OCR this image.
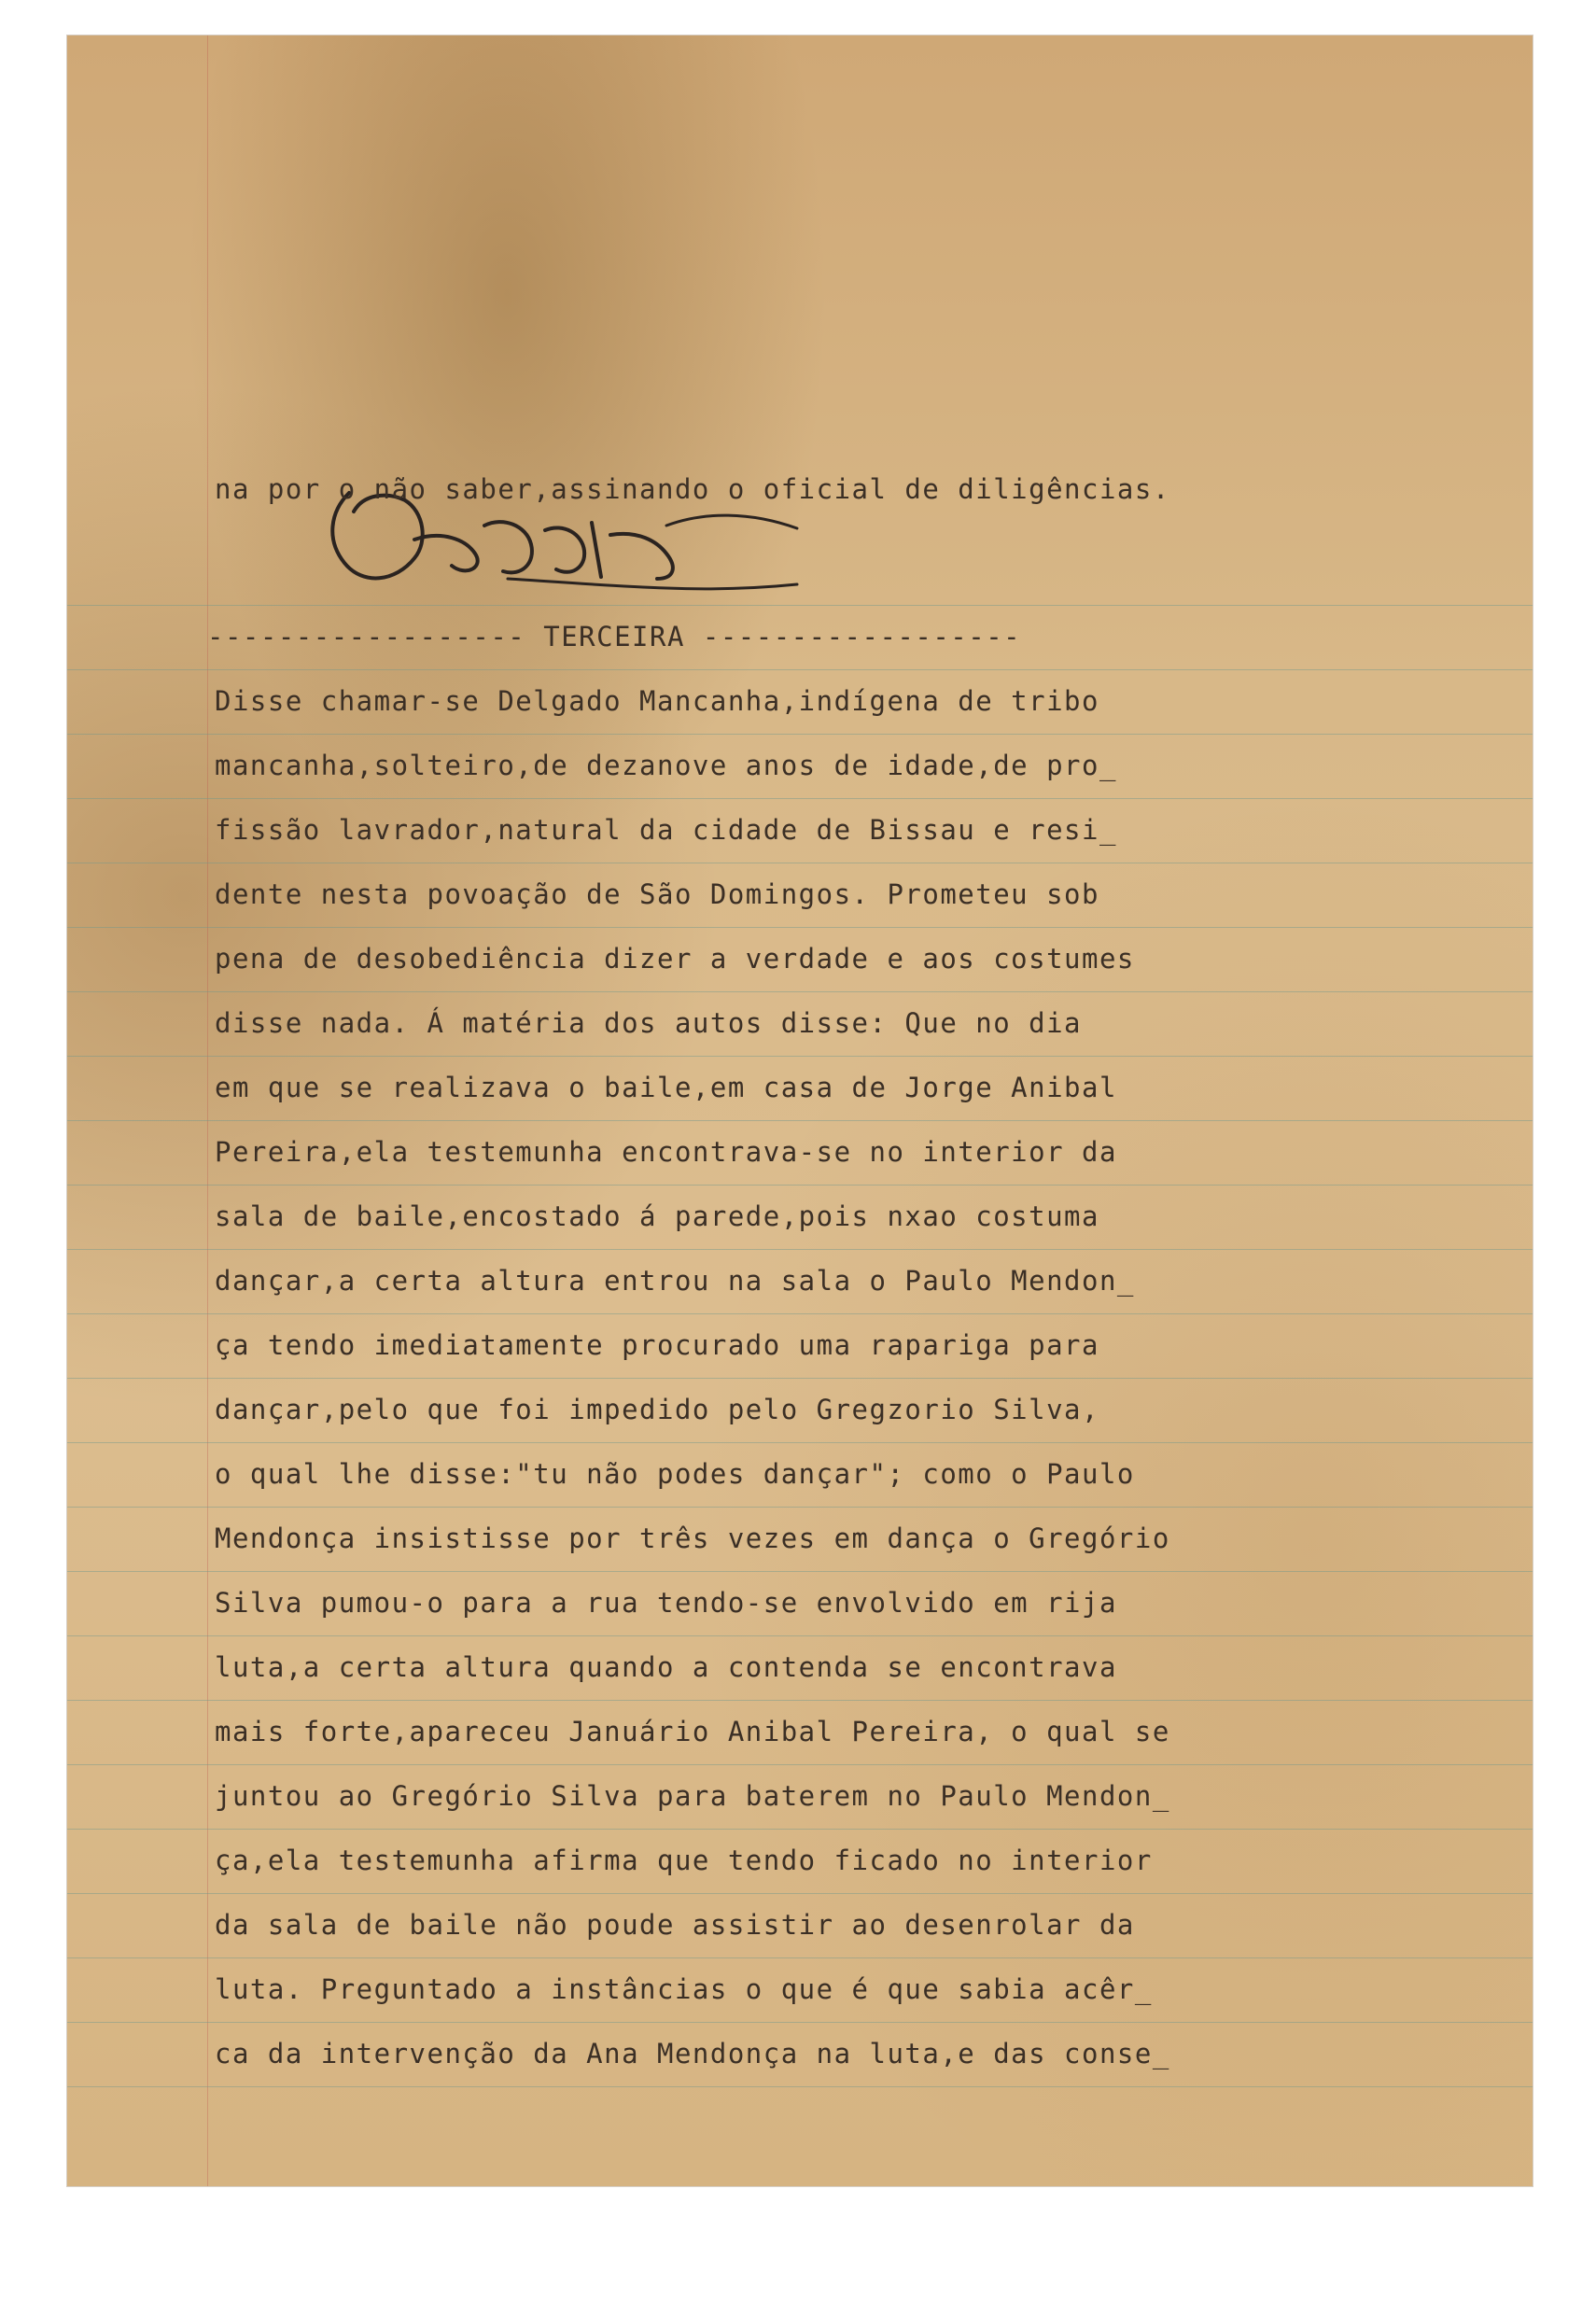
na por o não saber,assinando o oficial de diligências.
------------------ TERCEIRA ------------------
Disse chamar-se Delgado Mancanha,indígena de tribo
mancanha,solteiro,de dezanove anos de idade,de pro_
fissão lavrador,natural da cidade de Bissau e resi_
dente nesta povoação de São Domingos. Prometeu sob
pena de desobediência dizer a verdade e aos costumes
disse nada. Á matéria dos autos disse: Que no dia
em que se realizava o baile,em casa de Jorge Anibal
Pereira,ela testemunha encontrava-se no interior da
sala de baile,encostado á parede,pois nxao costuma
dançar,a certa altura entrou na sala o Paulo Mendon_
ça tendo imediatamente procurado uma rapariga para
dançar,pelo que foi impedido pelo Gregzorio Silva,
o qual lhe disse:"tu não podes dançar"; como o Paulo
Mendonça insistisse por três vezes em dança o Gregório
Silva pumou-o para a rua tendo-se envolvido em rija
luta,a certa altura quando a contenda se encontrava
mais forte,apareceu Januário Anibal Pereira, o qual se
juntou ao Gregório Silva para baterem no Paulo Mendon_
ça,ela testemunha afirma que tendo ficado no interior
da sala de baile não poude assistir ao desenrolar da
luta. Preguntado a instâncias o que é que sabia acêr_
ca da intervenção da Ana Mendonça na luta,e das conse_
